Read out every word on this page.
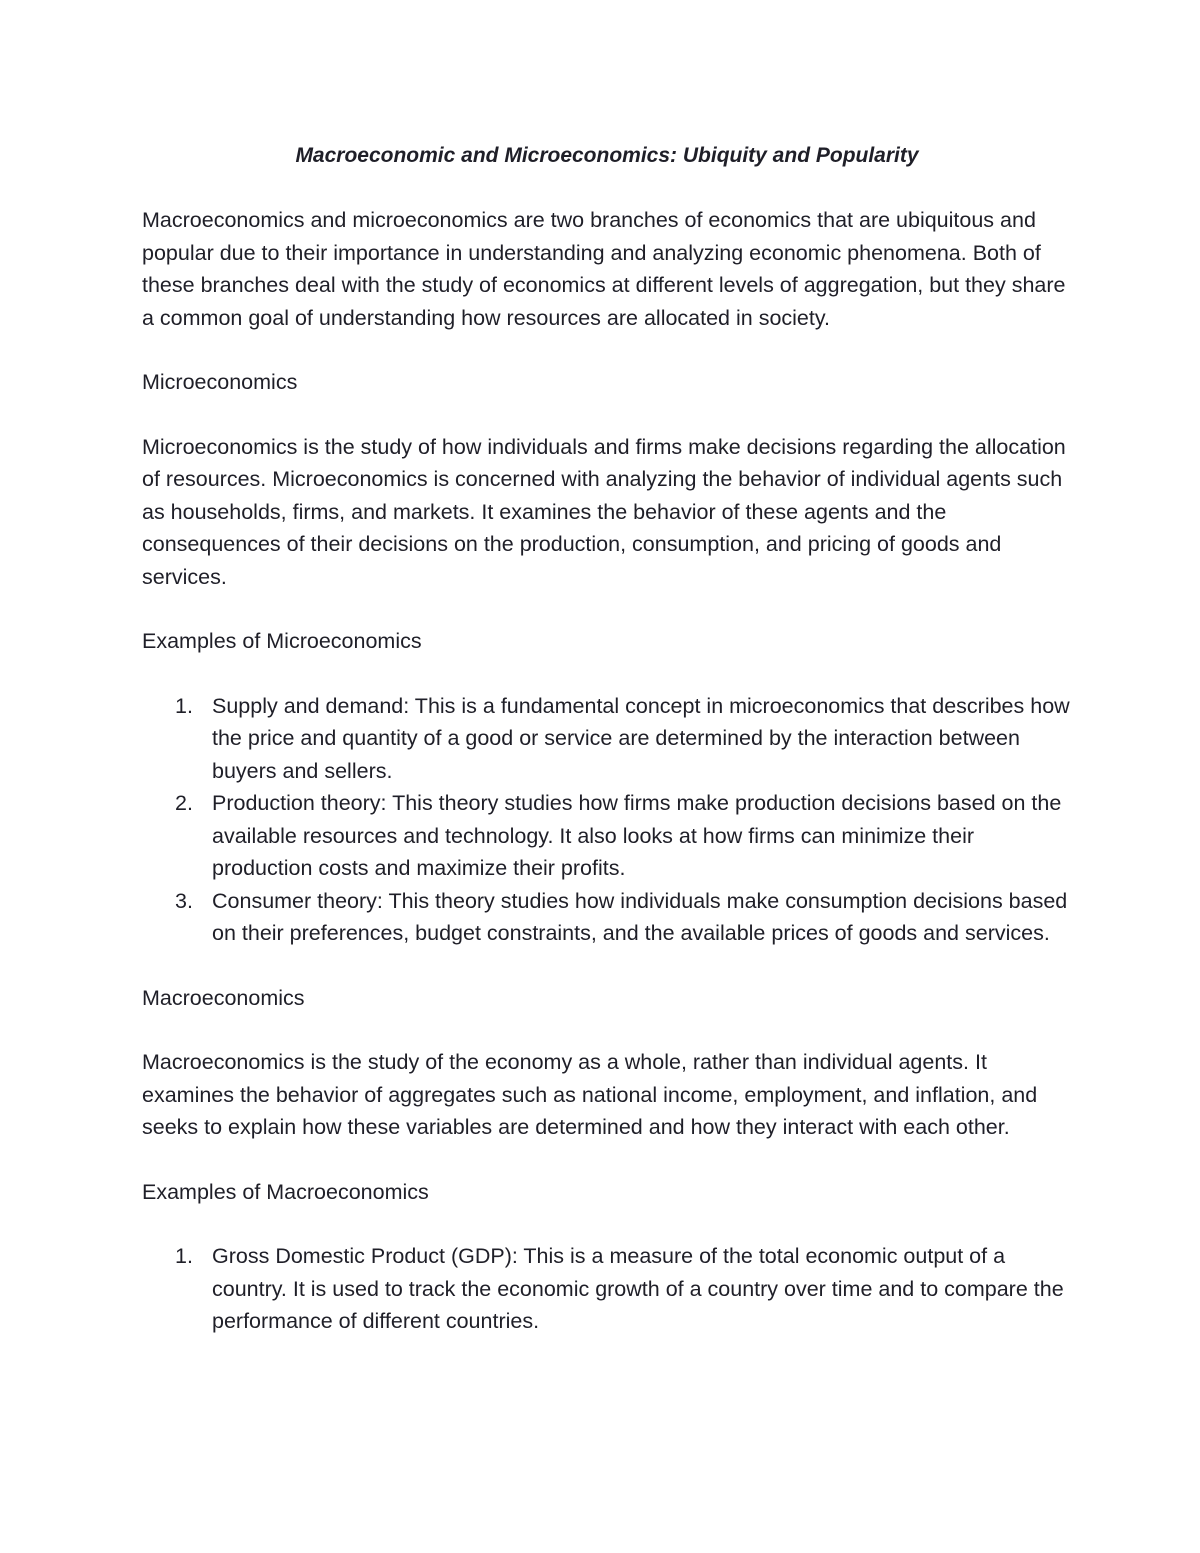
Macroeconomic and Microeconomics: Ubiquity and Popularity

Macroeconomics and microeconomics are two branches of economics that are ubiquitous and popular due to their importance in understanding and analyzing economic phenomena. Both of these branches deal with the study of economics at different levels of aggregation, but they share a common goal of understanding how resources are allocated in society.

Microeconomics

Microeconomics is the study of how individuals and firms make decisions regarding the allocation of resources. Microeconomics is concerned with analyzing the behavior of individual agents such as households, firms, and markets. It examines the behavior of these agents and the consequences of their decisions on the production, consumption, and pricing of goods and services.

Examples of Microeconomics

1. Supply and demand: This is a fundamental concept in microeconomics that describes how the price and quantity of a good or service are determined by the interaction between buyers and sellers.
2. Production theory: This theory studies how firms make production decisions based on the available resources and technology. It also looks at how firms can minimize their production costs and maximize their profits.
3. Consumer theory: This theory studies how individuals make consumption decisions based on their preferences, budget constraints, and the available prices of goods and services.

Macroeconomics

Macroeconomics is the study of the economy as a whole, rather than individual agents. It examines the behavior of aggregates such as national income, employment, and inflation, and seeks to explain how these variables are determined and how they interact with each other.

Examples of Macroeconomics

1. Gross Domestic Product (GDP): This is a measure of the total economic output of a country. It is used to track the economic growth of a country over time and to compare the performance of different countries.
